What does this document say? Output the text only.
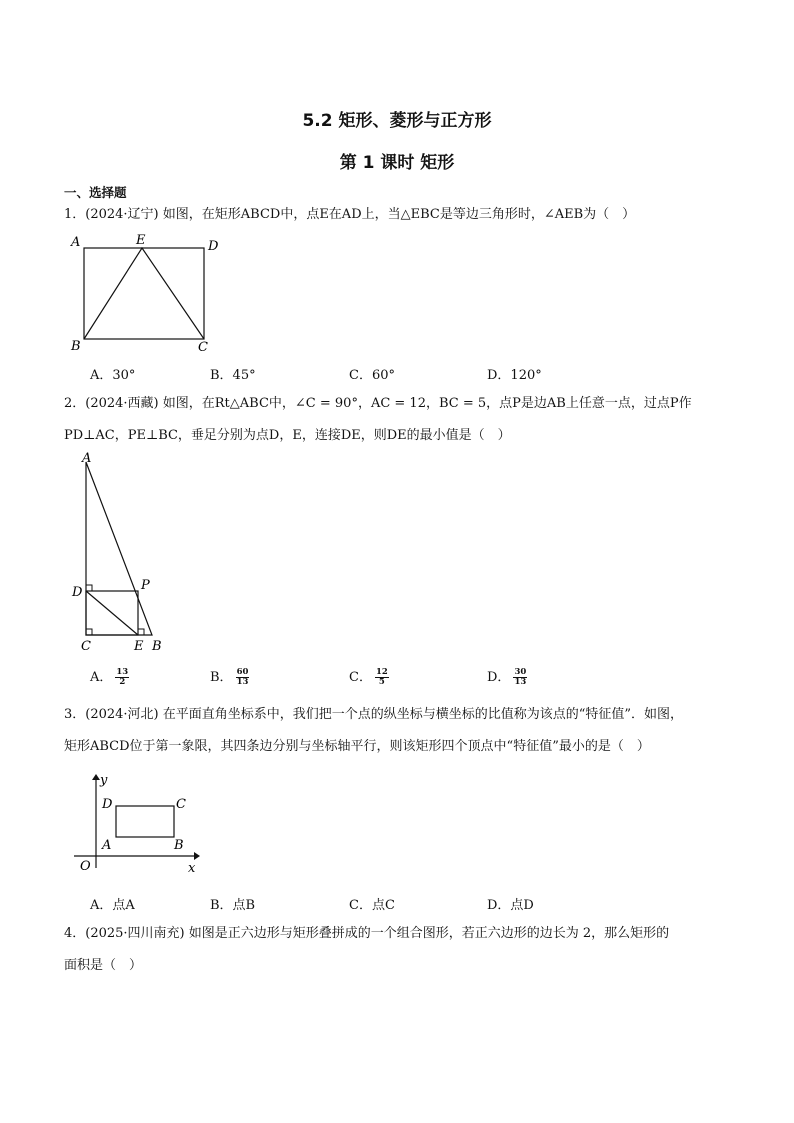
5.2 矩形、菱形与正方形
第 1 课时 矩形
一、选择题
1．(2024·辽宁) 如图，在矩形ABCD中，点E在AD上，当△EBC是等边三角形时，∠AEB为（　）
A	E	D
B	C
A．30°	B．45°	C．60°	D．120°
2．(2024·西藏) 如图，在Rt△ABC中，∠C = 90°，AC = 12，BC = 5，点P是边AB上任意一点，过点P作
PD⊥AC，PE⊥BC，垂足分别为点D，E，连接DE，则DE的最小值是（　）
A
P
D
C	E B
A． $\frac{13}{2}$	B． $\frac{60}{13}$	C． $\frac{12}{5}$	D． $\frac{30}{13}$
3．(2024·河北) 在平面直角坐标系中，我们把一个点的纵坐标与横坐标的比值称为该点的“特征值”．如图，
矩形ABCD位于第一象限，其四条边分别与坐标轴平行，则该矩形四个顶点中“特征值”最小的是（　）
y
D	C
A	B
O	x
A．点A	B．点B	C．点C	D．点D
4．(2025·四川南充) 如图是正六边形与矩形叠拼成的一个组合图形，若正六边形的边长为 2，那么矩形的
面积是（　）
